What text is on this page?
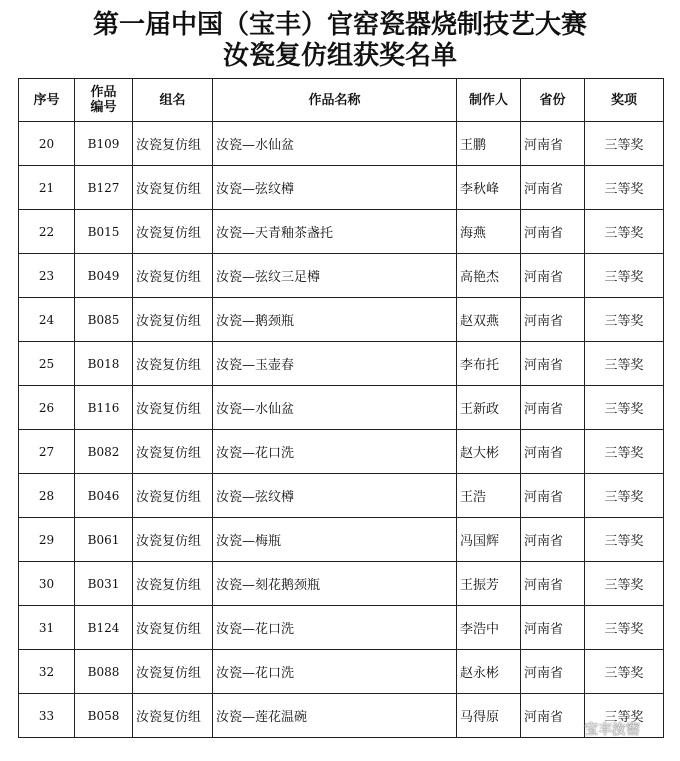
第一届中国（宝丰）官窑瓷器烧制技艺大赛
汝瓷复仿组获奖名单
序号	作品编号	组名	作品名称	制作人	省份	奖项
20	B109	汝瓷复仿组	汝瓷—水仙盆	王鹏	河南省	三等奖
21	B127	汝瓷复仿组	汝瓷—弦纹樽	李秋峰	河南省	三等奖
22	B015	汝瓷复仿组	汝瓷—天青釉茶盏托	海燕	河南省	三等奖
23	B049	汝瓷复仿组	汝瓷—弦纹三足樽	高艳杰	河南省	三等奖
24	B085	汝瓷复仿组	汝瓷—鹅颈瓶	赵双燕	河南省	三等奖
25	B018	汝瓷复仿组	汝瓷—玉壶春	李布托	河南省	三等奖
26	B116	汝瓷复仿组	汝瓷—水仙盆	王新政	河南省	三等奖
27	B082	汝瓷复仿组	汝瓷—花口洗	赵大彬	河南省	三等奖
28	B046	汝瓷复仿组	汝瓷—弦纹樽	王浩	河南省	三等奖
29	B061	汝瓷复仿组	汝瓷—梅瓶	冯国辉	河南省	三等奖
30	B031	汝瓷复仿组	汝瓷—刻花鹅颈瓶	王振芳	河南省	三等奖
31	B124	汝瓷复仿组	汝瓷—花口洗	李浩中	河南省	三等奖
32	B088	汝瓷复仿组	汝瓷—花口洗	赵永彬	河南省	三等奖
33	B058	汝瓷复仿组	汝瓷—莲花温碗	马得原	河南省	三等奖
宝丰汝窑
